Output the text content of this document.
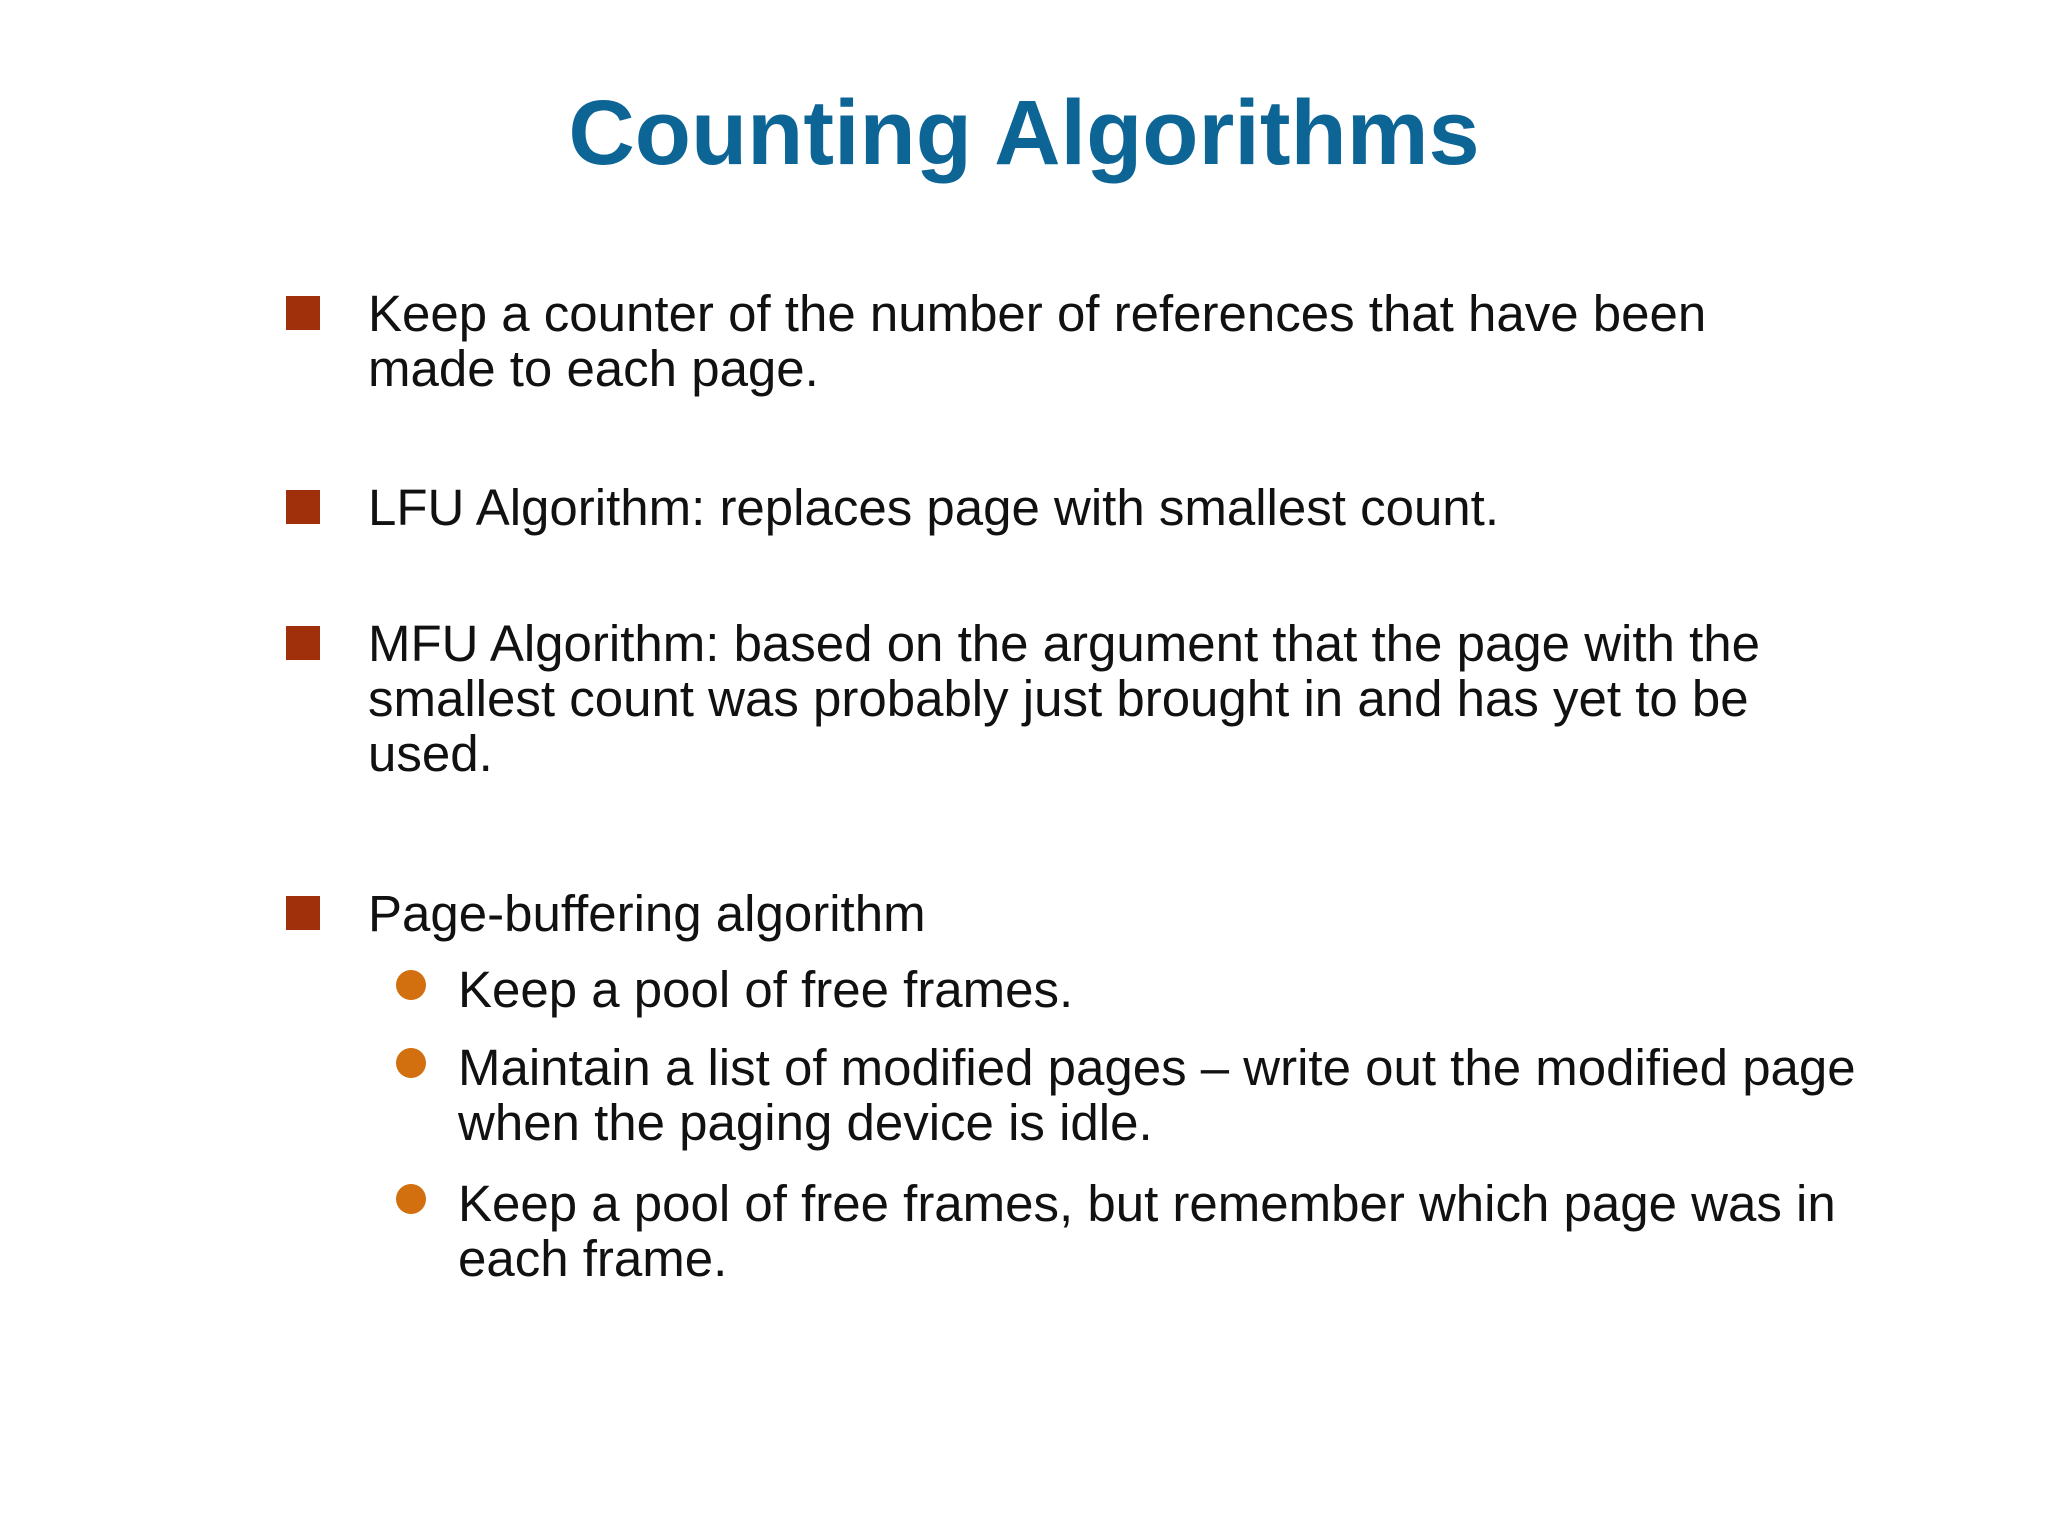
Counting Algorithms
Keep a counter of the number of references that have been made to each page.
LFU Algorithm: replaces page with smallest count.
MFU Algorithm: based on the argument that the page with the smallest count was probably just brought in and has yet to be used.
Page-buffering algorithm
Keep a pool of free frames.
Maintain a list of modified pages – write out the modified page when the paging device is idle.
Keep a pool of free frames, but remember which page was in each frame.
